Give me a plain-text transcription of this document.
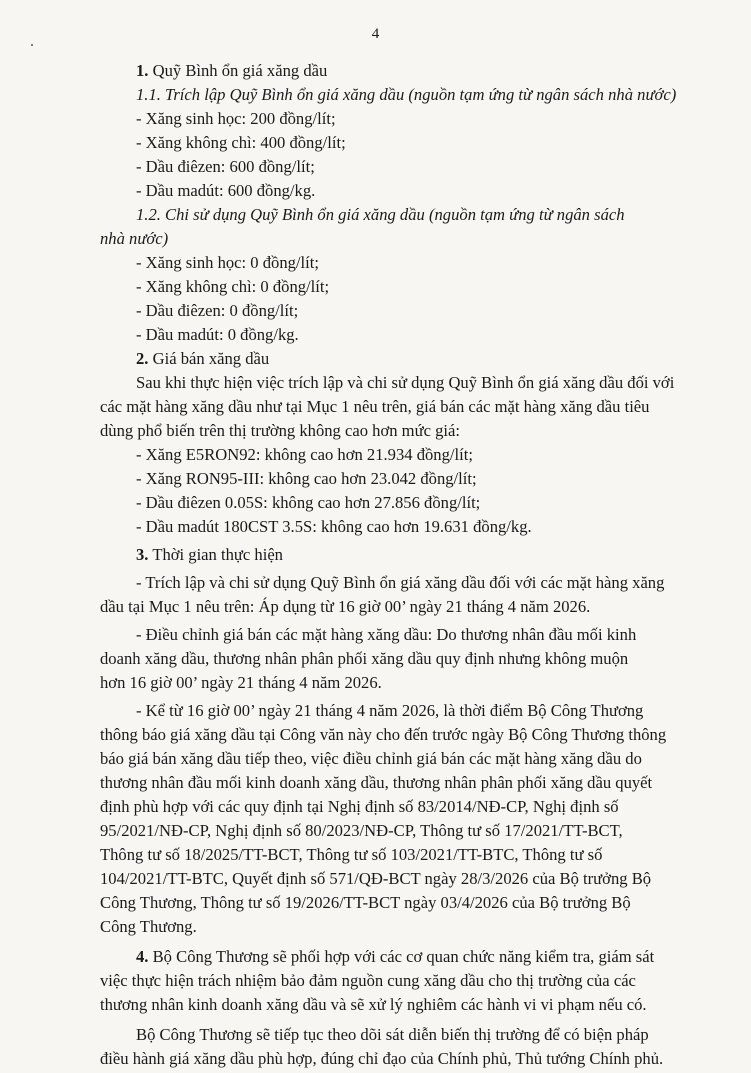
4
1. Quỹ Bình ổn giá xăng dầu
1.1. Trích lập Quỹ Bình ổn giá xăng dầu (nguồn tạm ứng từ ngân sách nhà nước)
- Xăng sinh học: 200 đồng/lít;
- Xăng không chì: 400 đồng/lít;
- Dầu điêzen: 600 đồng/lít;
- Dầu madút: 600 đồng/kg.
1.2. Chi sử dụng Quỹ Bình ổn giá xăng dầu (nguồn tạm ứng từ ngân sách
nhà nước)
- Xăng sinh học: 0 đồng/lít;
- Xăng không chì: 0 đồng/lít;
- Dầu điêzen: 0 đồng/lít;
- Dầu madút: 0 đồng/kg.
2. Giá bán xăng dầu
Sau khi thực hiện việc trích lập và chi sử dụng Quỹ Bình ổn giá xăng dầu đối với
các mặt hàng xăng dầu như tại Mục 1 nêu trên, giá bán các mặt hàng xăng dầu tiêu
dùng phổ biến trên thị trường không cao hơn mức giá:
- Xăng E5RON92: không cao hơn 21.934 đồng/lít;
- Xăng RON95-III: không cao hơn 23.042 đồng/lít;
- Dầu điêzen 0.05S: không cao hơn 27.856 đồng/lít;
- Dầu madút 180CST 3.5S: không cao hơn 19.631 đồng/kg.
3. Thời gian thực hiện
- Trích lập và chi sử dụng Quỹ Bình ổn giá xăng dầu đối với các mặt hàng xăng
dầu tại Mục 1 nêu trên: Áp dụng từ 16 giờ 00’ ngày 21 tháng 4 năm 2026.
- Điều chỉnh giá bán các mặt hàng xăng dầu: Do thương nhân đầu mối kinh
doanh xăng dầu, thương nhân phân phối xăng dầu quy định nhưng không muộn
hơn 16 giờ 00’ ngày 21 tháng 4 năm 2026.
- Kể từ 16 giờ 00’ ngày 21 tháng 4 năm 2026, là thời điểm Bộ Công Thương
thông báo giá xăng dầu tại Công văn này cho đến trước ngày Bộ Công Thương thông
báo giá bán xăng dầu tiếp theo, việc điều chỉnh giá bán các mặt hàng xăng dầu do
thương nhân đầu mối kinh doanh xăng dầu, thương nhân phân phối xăng dầu quyết
định phù hợp với các quy định tại Nghị định số 83/2014/NĐ-CP, Nghị định số
95/2021/NĐ-CP, Nghị định số 80/2023/NĐ-CP, Thông tư số 17/2021/TT-BCT,
Thông tư số 18/2025/TT-BCT, Thông tư số 103/2021/TT-BTC, Thông tư số
104/2021/TT-BTC, Quyết định số 571/QĐ-BCT ngày 28/3/2026 của Bộ trưởng Bộ
Công Thương, Thông tư số 19/2026/TT-BCT ngày 03/4/2026 của Bộ trưởng Bộ
Công Thương.
4. Bộ Công Thương sẽ phối hợp với các cơ quan chức năng kiểm tra, giám sát
việc thực hiện trách nhiệm bảo đảm nguồn cung xăng dầu cho thị trường của các
thương nhân kinh doanh xăng dầu và sẽ xử lý nghiêm các hành vi vi phạm nếu có.
Bộ Công Thương sẽ tiếp tục theo dõi sát diễn biến thị trường để có biện pháp
điều hành giá xăng dầu phù hợp, đúng chỉ đạo của Chính phủ, Thủ tướng Chính phủ.
